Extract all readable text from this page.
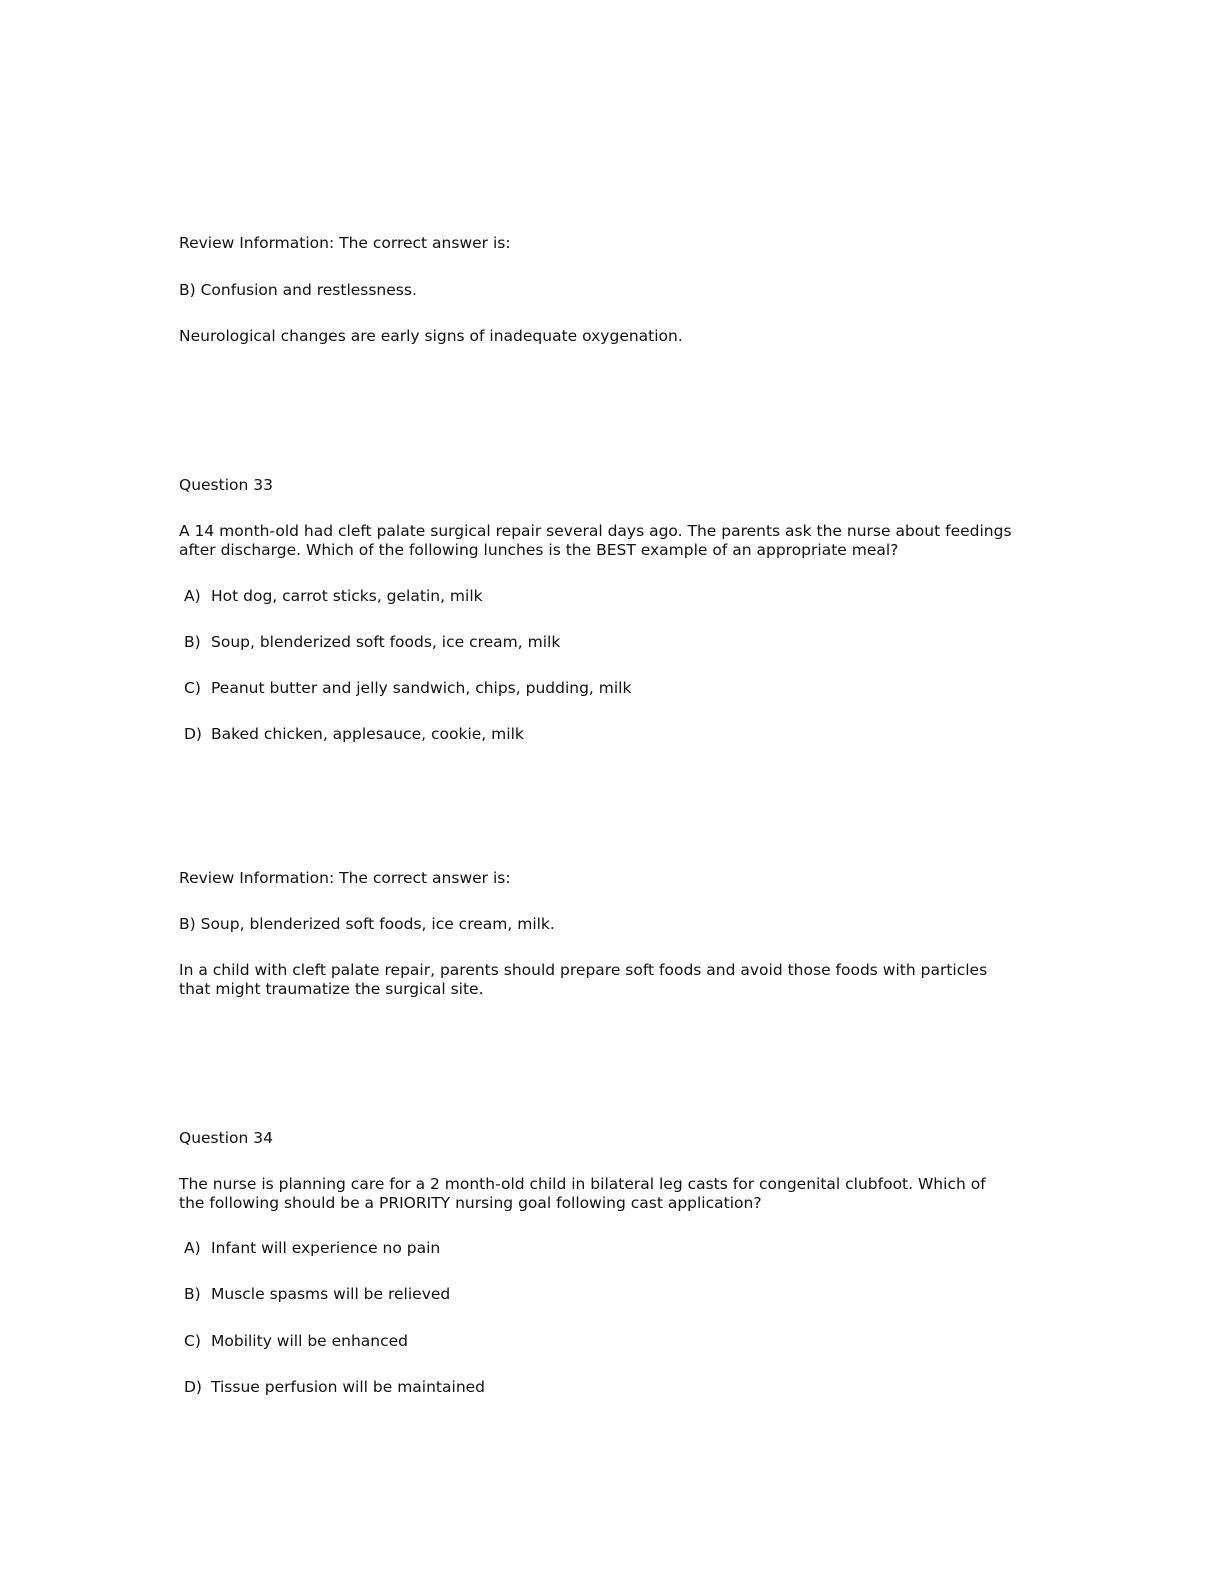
Review Information: The correct answer is:
B) Confusion and restlessness.
Neurological changes are early signs of inadequate oxygenation.
Question 33
A 14 month-old had cleft palate surgical repair several days ago. The parents ask the nurse about feedings
after discharge. Which of the following lunches is the BEST example of an appropriate meal?
A) Hot dog, carrot sticks, gelatin, milk
B) Soup, blenderized soft foods, ice cream, milk
C) Peanut butter and jelly sandwich, chips, pudding, milk
D) Baked chicken, applesauce, cookie, milk
Review Information: The correct answer is:
B) Soup, blenderized soft foods, ice cream, milk.
In a child with cleft palate repair, parents should prepare soft foods and avoid those foods with particles
that might traumatize the surgical site.
Question 34
The nurse is planning care for a 2 month-old child in bilateral leg casts for congenital clubfoot. Which of
the following should be a PRIORITY nursing goal following cast application?
A) Infant will experience no pain
B) Muscle spasms will be relieved
C) Mobility will be enhanced
D) Tissue perfusion will be maintained
